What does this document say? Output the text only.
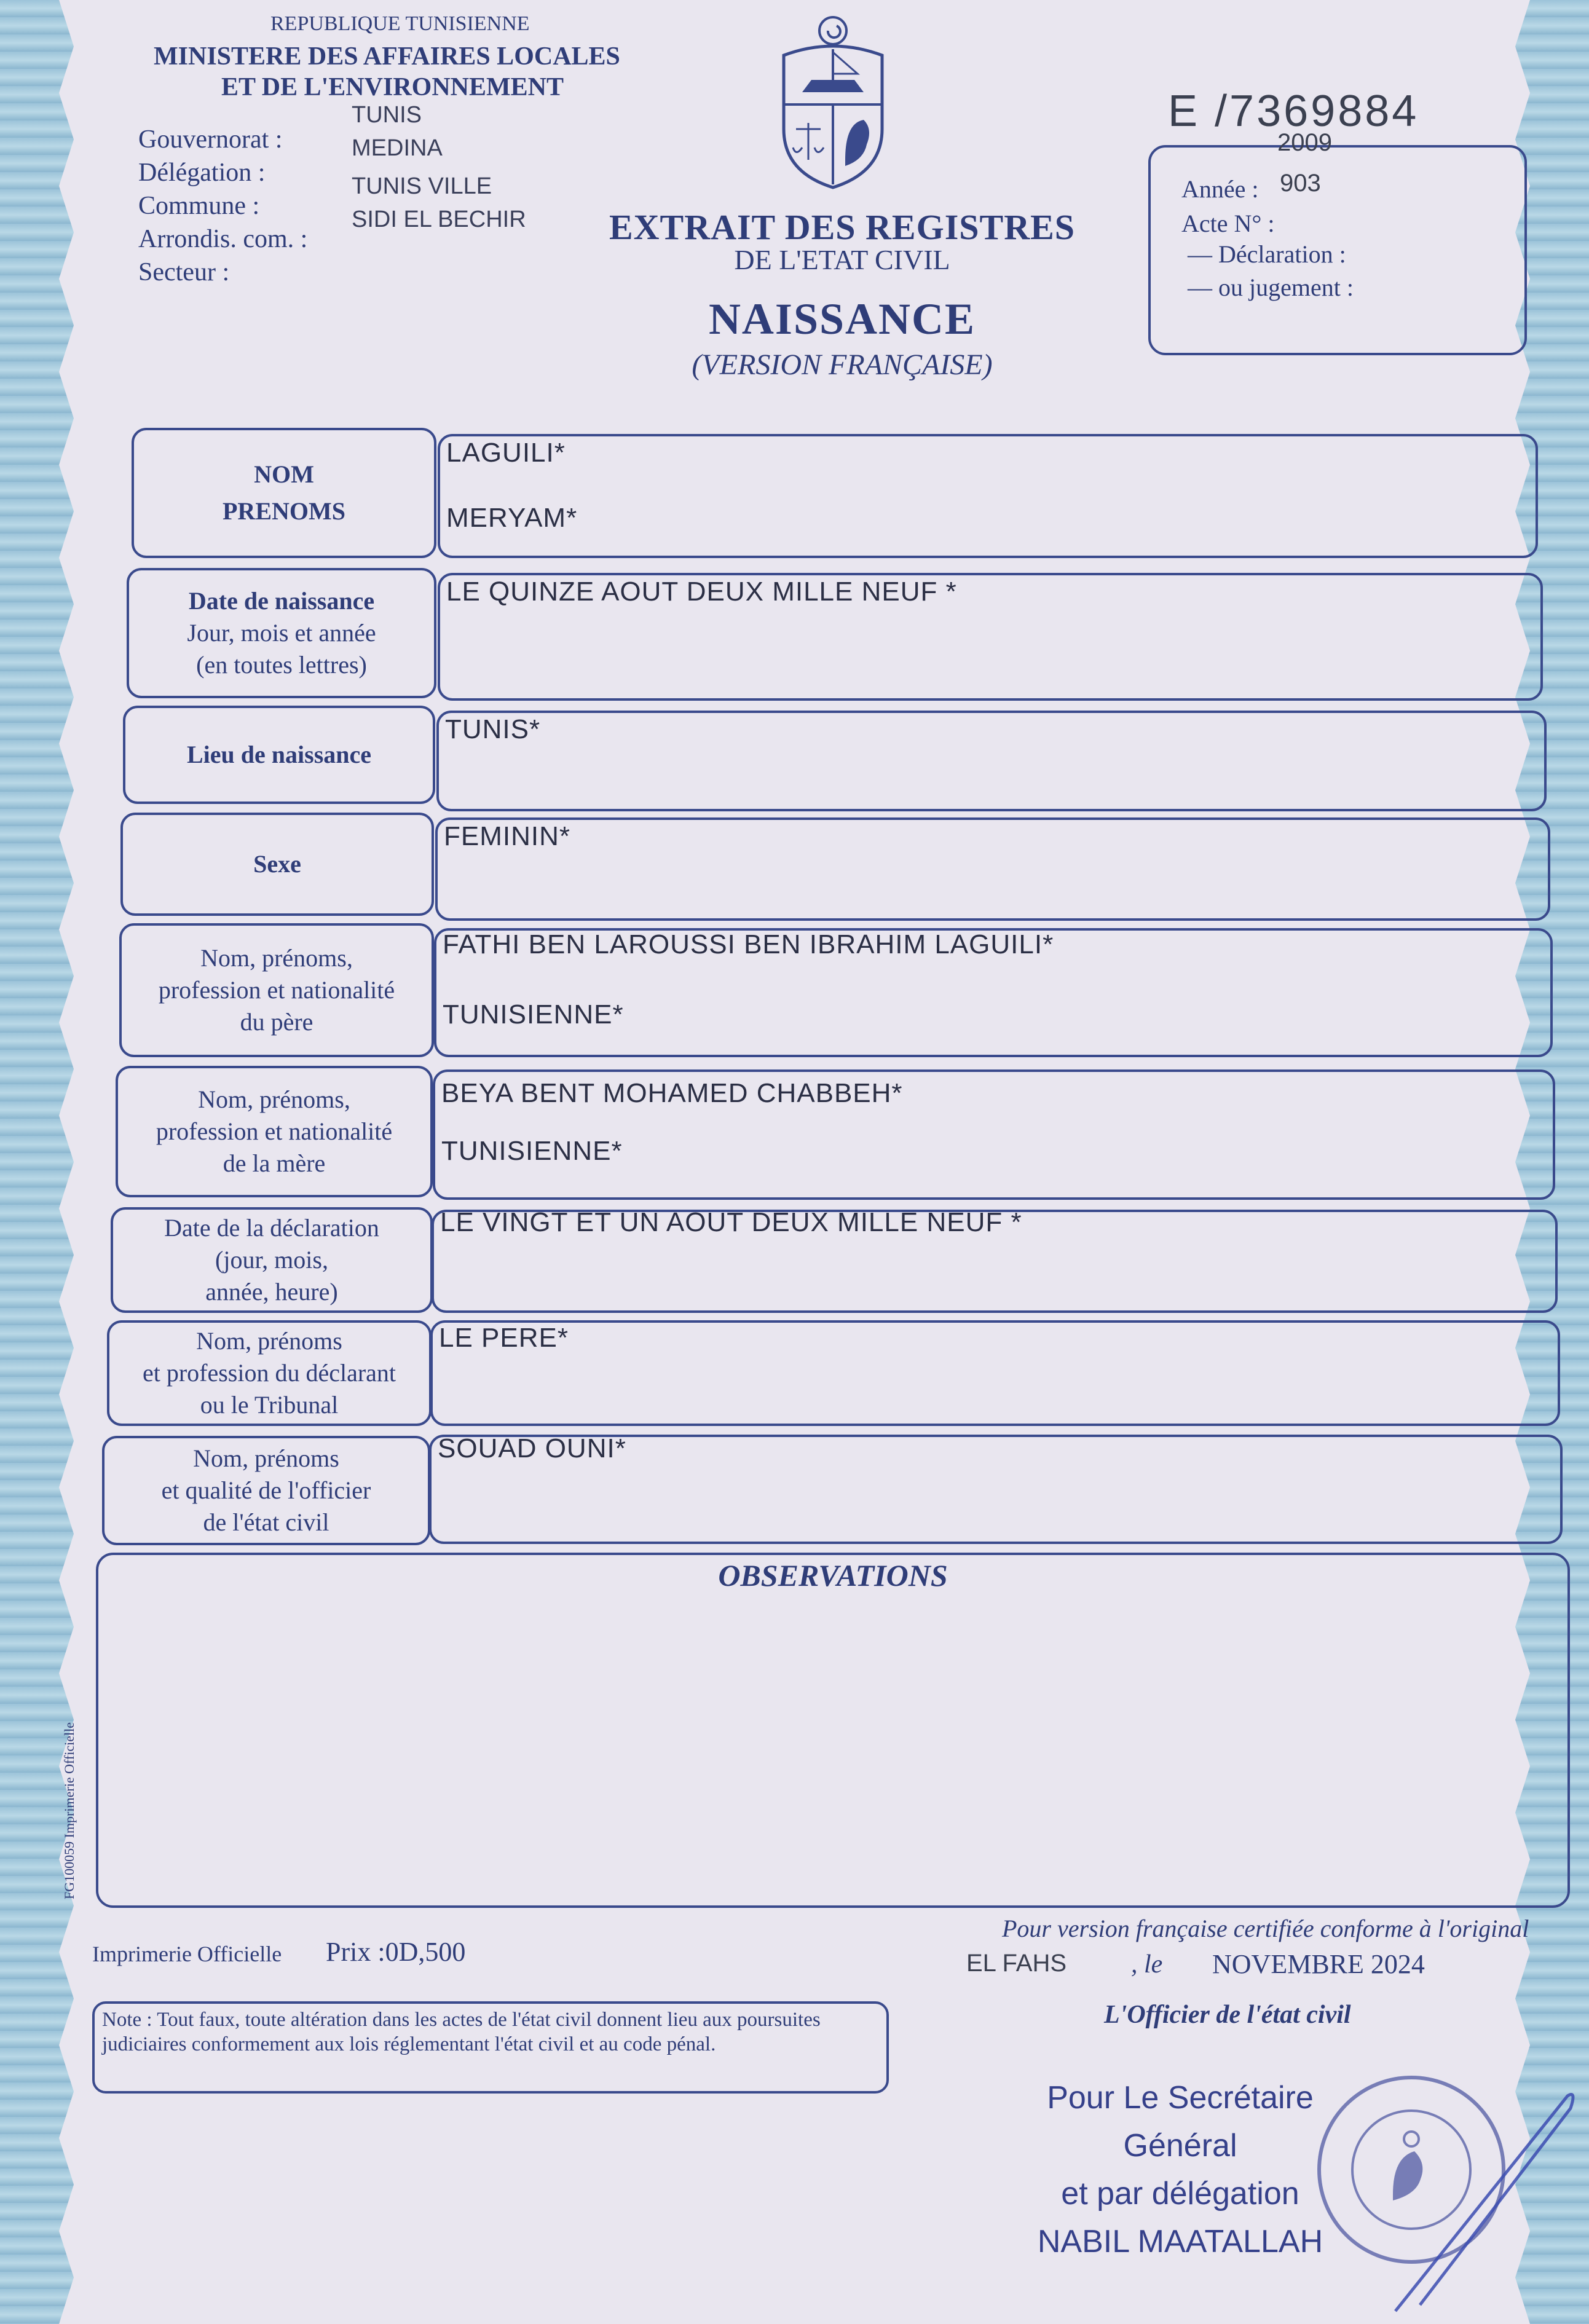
REPUBLIQUE TUNISIENNE
MINISTERE DES AFFAIRES LOCALES
ET DE L'ENVIRONNEMENT
Gouvernorat :
Délégation :
Commune :
Arrondis. com. :
Secteur :
TUNIS
MEDINA
TUNIS VILLE
SIDI EL BECHIR	EXTRAIT DES REGISTRES
DE L'ETAT CIVIL
NAISSANCE
(VERSION FRANÇAISE)
E /7369884
2009
Année : 903
Acte N° :
— Déclaration :
— ou jugement :
NOM
PRENOMS
LAGUILI*
MERYAM*
Date de naissance
Jour, mois et année
(en toutes lettres)
LE QUINZE AOUT DEUX MILLE NEUF *
Lieu de naissance
TUNIS*
Sexe
FEMININ*
Nom, prénoms,
profession et nationalité
du père
FATHI BEN LAROUSSI BEN IBRAHIM LAGUILI*
TUNISIENNE*
Nom, prénoms,
profession et nationalité
de la mère
BEYA BENT MOHAMED CHABBEH*
TUNISIENNE*
Date de la déclaration
(jour, mois,
année, heure)
LE VINGT ET UN AOUT DEUX MILLE NEUF *
Nom, prénoms
et profession du déclarant
ou le Tribunal
LE PERE*
Nom, prénoms
et qualité de l'officier
de l'état civil
SOUAD OUNI*
OBSERVATIONS
FG100059 Imprimerie Officielle
Imprimerie Officielle Prix :0D,500
Pour version française certifiée conforme à l'original
EL FAHS , le NOVEMBRE 2024
L'Officier de l'état civil
Note : Tout faux, toute altération dans les actes de l'état civil donnent lieu aux poursuites judiciaires conformement aux lois réglementant l'état civil et au code pénal.
Pour Le Secrétaire
Général
et par délégation
NABIL MAATALLAH
